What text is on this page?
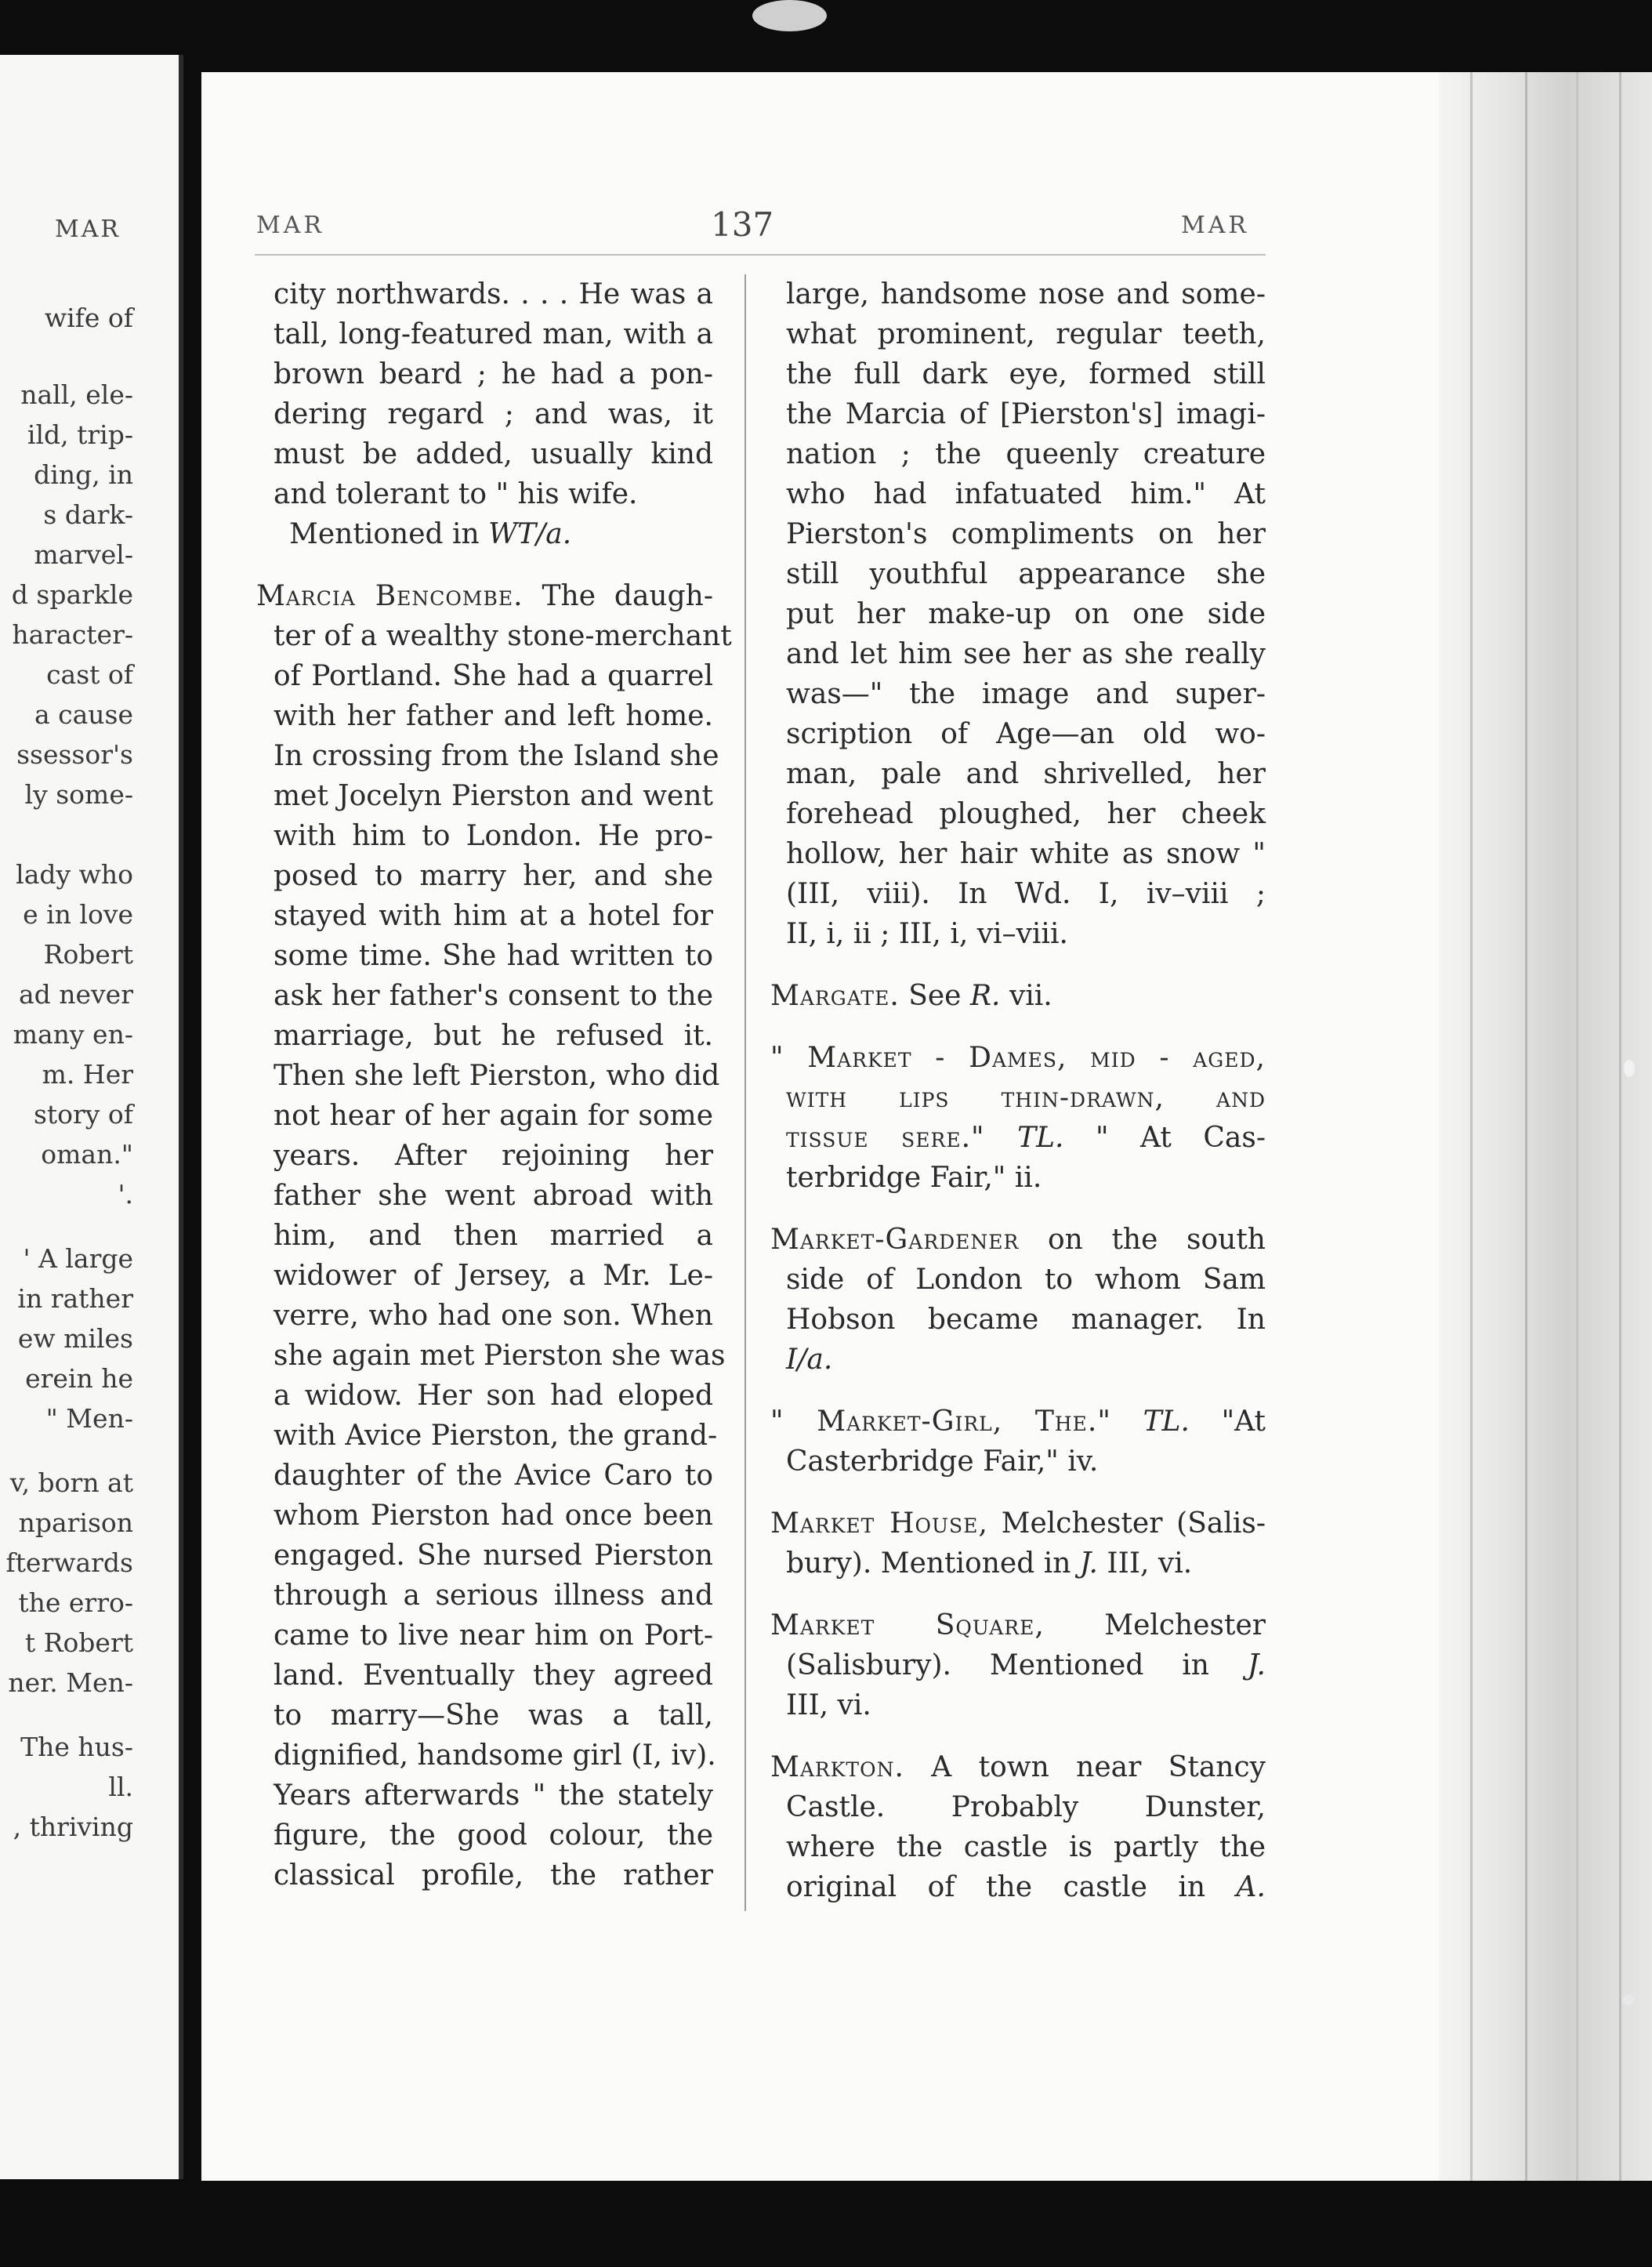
MAR
wife of
nall, ele-
ild, trip-
ding, in
s dark-
marvel-
d sparkle
haracter-
cast of
a cause
ssessor's
ly some-
lady who
e in love
Robert
ad never
many en-
m. Her
story of
oman."
'.
' A large
in rather
ew miles
erein he
" Men-
v, born at
nparison
fterwards
the erro-
t Robert
ner. Men-
The hus-
ll.
, thriving
MAR	137	MAR
city northwards. . . . He was a
tall, long-featured man, with a
brown beard ; he had a pon-
dering regard ; and was, it
must be added, usually kind
and tolerant to " his wife.
Mentioned in WT/a.
Marcia Bencombe. The daugh-
ter of a wealthy stone-merchant
of Portland. She had a quarrel
with her father and left home.
In crossing from the Island she
met Jocelyn Pierston and went
with him to London. He pro-
posed to marry her, and she
stayed with him at a hotel for
some time. She had written to
ask her father's consent to the
marriage, but he refused it.
Then she left Pierston, who did
not hear of her again for some
years. After rejoining her
father she went abroad with
him, and then married a
widower of Jersey, a Mr. Le-
verre, who had one son. When
she again met Pierston she was
a widow. Her son had eloped
with Avice Pierston, the grand-
daughter of the Avice Caro to
whom Pierston had once been
engaged. She nursed Pierston
through a serious illness and
came to live near him on Port-
land. Eventually they agreed
to marry—She was a tall,
dignified, handsome girl (I, iv).
Years afterwards " the stately
figure, the good colour, the
classical profile, the rather
large, handsome nose and some-
what prominent, regular teeth,
the full dark eye, formed still
the Marcia of [Pierston's] imagi-
nation ; the queenly creature
who had infatuated him." At
Pierston's compliments on her
still youthful appearance she
put her make-up on one side
and let him see her as she really
was—" the image and super-
scription of Age—an old wo-
man, pale and shrivelled, her
forehead ploughed, her cheek
hollow, her hair white as snow "
(III, viii). In Wd. I, iv–viii ;
II, i, ii ; III, i, vi–viii.
Margate. See R. vii.
" Market - Dames, mid - aged,
with lips thin-drawn, and
tissue sere." TL. " At Cas-
terbridge Fair," ii.
Market-Gardener on the south
side of London to whom Sam
Hobson became manager. In
I/a.
" Market-Girl, The." TL. "At
Casterbridge Fair," iv.
Market House, Melchester (Salis-
bury). Mentioned in J. III, vi.
Market Square, Melchester
(Salisbury). Mentioned in J.
III, vi.
Markton. A town near Stancy
Castle. Probably Dunster,
where the castle is partly the
original of the castle in A.
